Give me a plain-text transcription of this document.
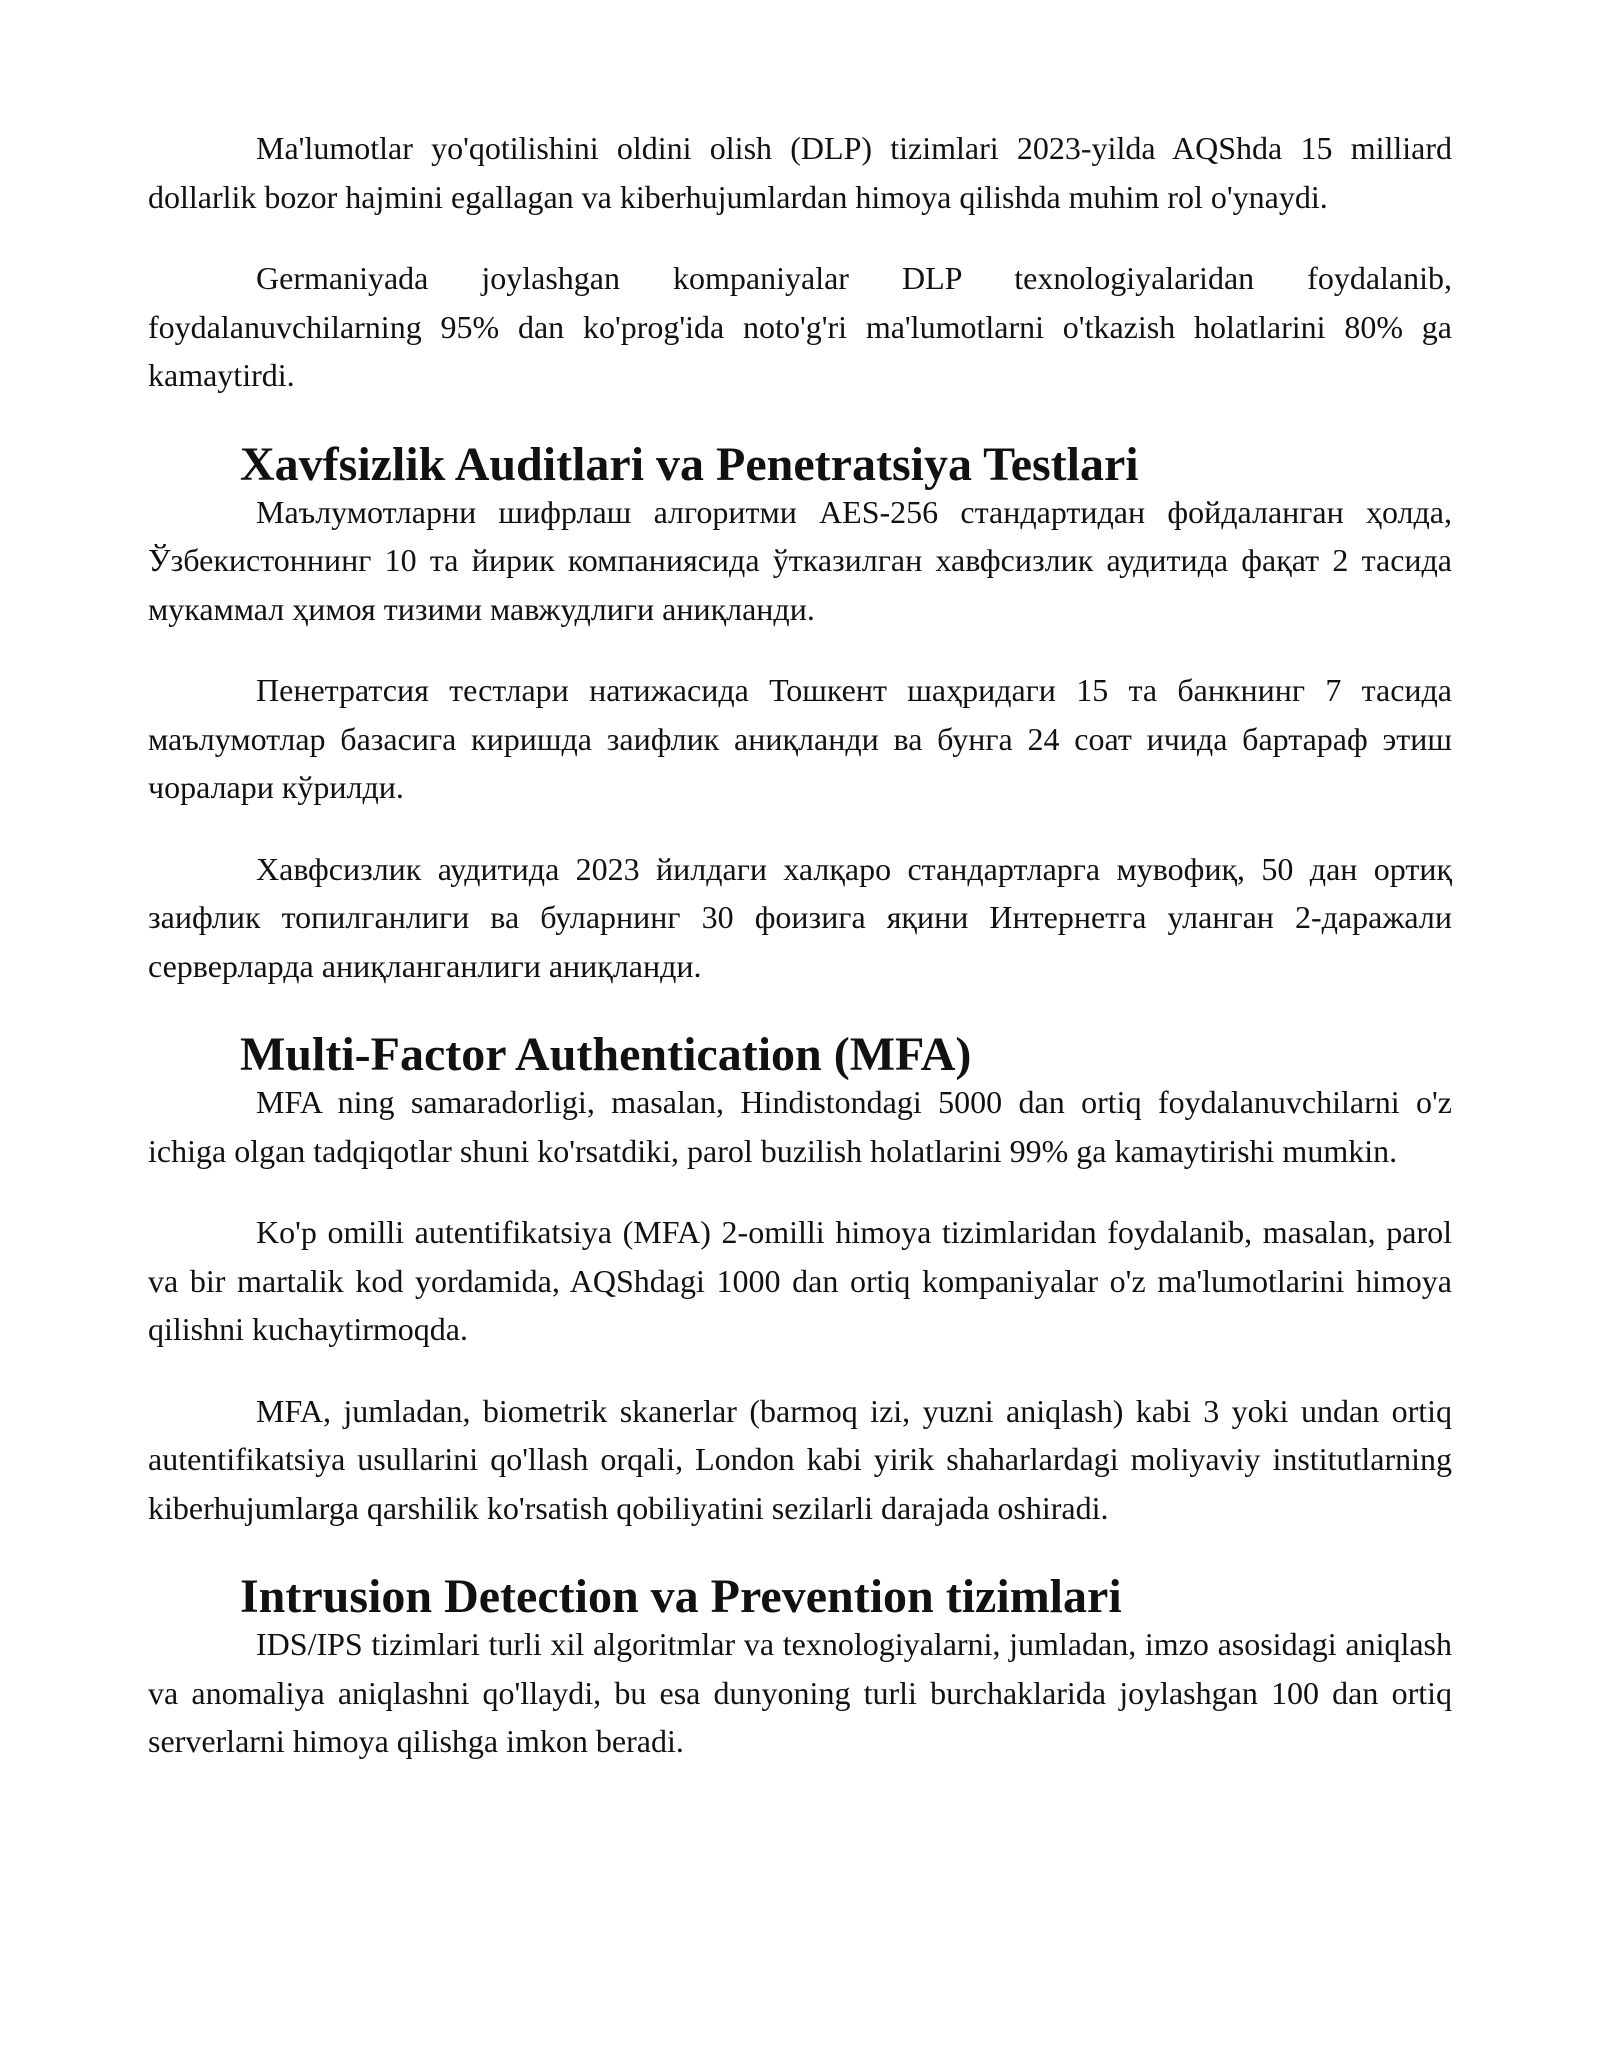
Ma'lumotlar yo'qotilishini oldini olish (DLP) tizimlari 2023-yilda AQShda 15 milliard dollarlik bozor hajmini egallagan va kiberhujumlardan himoya qilishda muhim rol o'ynaydi.

Germaniyada joylashgan kompaniyalar DLP texnologiyalaridan foydalanib, foydalanuvchilarning 95% dan ko'prog'ida noto'g'ri ma'lumotlarni o'tkazish holatlarini 80% ga kamaytirdi.

Xavfsizlik Auditlari va Penetratsiya Testlari

Маълумотларни шифрлаш алгоритми AES-256 стандартидан фойдаланган ҳолда, Ўзбекистоннинг 10 та йирик компаниясида ўтказилган хавфсизлик аудитида фақат 2 тасида мукаммал ҳимоя тизими мавжудлиги аниқланди.

Пенетратсия тестлари натижасида Тошкент шаҳридаги 15 та банкнинг 7 тасида маълумотлар базасига киришда заифлик аниқланди ва бунга 24 соат ичида бартараф этиш чоралари кўрилди.

Хавфсизлик аудитида 2023 йилдаги халқаро стандартларга мувофиқ, 50 дан ортиқ заифлик топилганлиги ва буларнинг 30 фоизига яқини Интернетга уланган 2-даражали серверларда аниқланганлиги аниқланди.

Multi-Factor Authentication (MFA)

MFA ning samaradorligi, masalan, Hindistondagi 5000 dan ortiq foydalanuvchilarni o'z ichiga olgan tadqiqotlar shuni ko'rsatdiki, parol buzilish holatlarini 99% ga kamaytirishi mumkin.

Ko'p omilli autentifikatsiya (MFA) 2-omilli himoya tizimlaridan foydalanib, masalan, parol va bir martalik kod yordamida, AQShdagi 1000 dan ortiq kompaniyalar o'z ma'lumotlarini himoya qilishni kuchaytirmoqda.

MFA, jumladan, biometrik skanerlar (barmoq izi, yuzni aniqlash) kabi 3 yoki undan ortiq autentifikatsiya usullarini qo'llash orqali, London kabi yirik shaharlardagi moliyaviy institutlarning kiberhujumlarga qarshilik ko'rsatish qobiliyatini sezilarli darajada oshiradi.

Intrusion Detection va Prevention tizimlari

IDS/IPS tizimlari turli xil algoritmlar va texnologiyalarni, jumladan, imzo asosidagi aniqlash va anomaliya aniqlashni qo'llaydi, bu esa dunyoning turli burchaklarida joylashgan 100 dan ortiq serverlarni himoya qilishga imkon beradi.
